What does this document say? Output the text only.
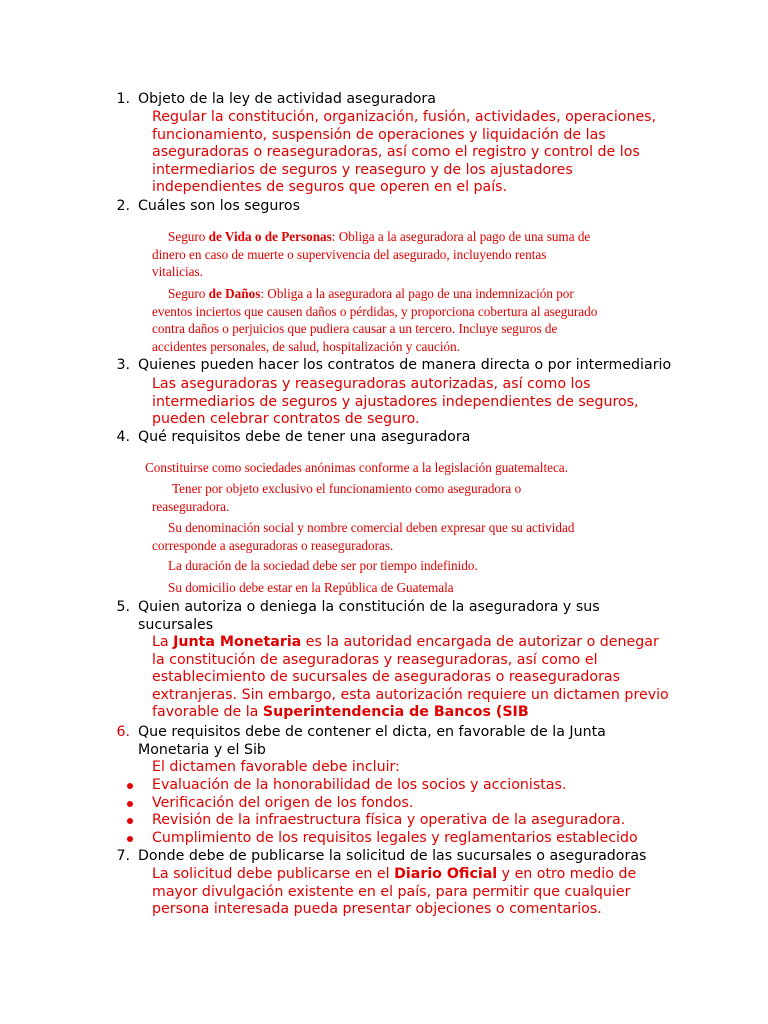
1. Objeto de la ley de actividad aseguradora
Regular la constitución, organización, fusión, actividades, operaciones,
funcionamiento, suspensión de operaciones y liquidación de las
aseguradoras o reaseguradoras, así como el registro y control de los
intermediarios de seguros y reaseguro y de los ajustadores
independientes de seguros que operen en el país.
2. Cuáles son los seguros
Seguro de Vida o de Personas: Obliga a la aseguradora al pago de una suma de
dinero en caso de muerte o supervivencia del asegurado, incluyendo rentas
vitalicias.
Seguro de Daños: Obliga a la aseguradora al pago de una indemnización por
eventos inciertos que causen daños o pérdidas, y proporciona cobertura al asegurado
contra daños o perjuicios que pudiera causar a un tercero. Incluye seguros de
accidentes personales, de salud, hospitalización y caución.
3. Quienes pueden hacer los contratos de manera directa o por intermediario
Las aseguradoras y reaseguradoras autorizadas, así como los
intermediarios de seguros y ajustadores independientes de seguros,
pueden celebrar contratos de seguro.
4. Qué requisitos debe de tener una aseguradora
Constituirse como sociedades anónimas conforme a la legislación guatemalteca.
Tener por objeto exclusivo el funcionamiento como aseguradora o
reaseguradora.
Su denominación social y nombre comercial deben expresar que su actividad
corresponde a aseguradoras o reaseguradoras.
La duración de la sociedad debe ser por tiempo indefinido.
Su domicilio debe estar en la República de Guatemala
5. Quien autoriza o deniega la constitución de la aseguradora y sus
sucursales
La Junta Monetaria es la autoridad encargada de autorizar o denegar
la constitución de aseguradoras y reaseguradoras, así como el
establecimiento de sucursales de aseguradoras o reaseguradoras
extranjeras. Sin embargo, esta autorización requiere un dictamen previo
favorable de la Superintendencia de Bancos (SIB
6. Que requisitos debe de contener el dicta, en favorable de la Junta
Monetaria y el Sib
El dictamen favorable debe incluir:
Evaluación de la honorabilidad de los socios y accionistas.
Verificación del origen de los fondos.
Revisión de la infraestructura física y operativa de la aseguradora.
Cumplimiento de los requisitos legales y reglamentarios establecido
7. Donde debe de publicarse la solicitud de las sucursales o aseguradoras
La solicitud debe publicarse en el Diario Oficial y en otro medio de
mayor divulgación existente en el país, para permitir que cualquier
persona interesada pueda presentar objeciones o comentarios.
